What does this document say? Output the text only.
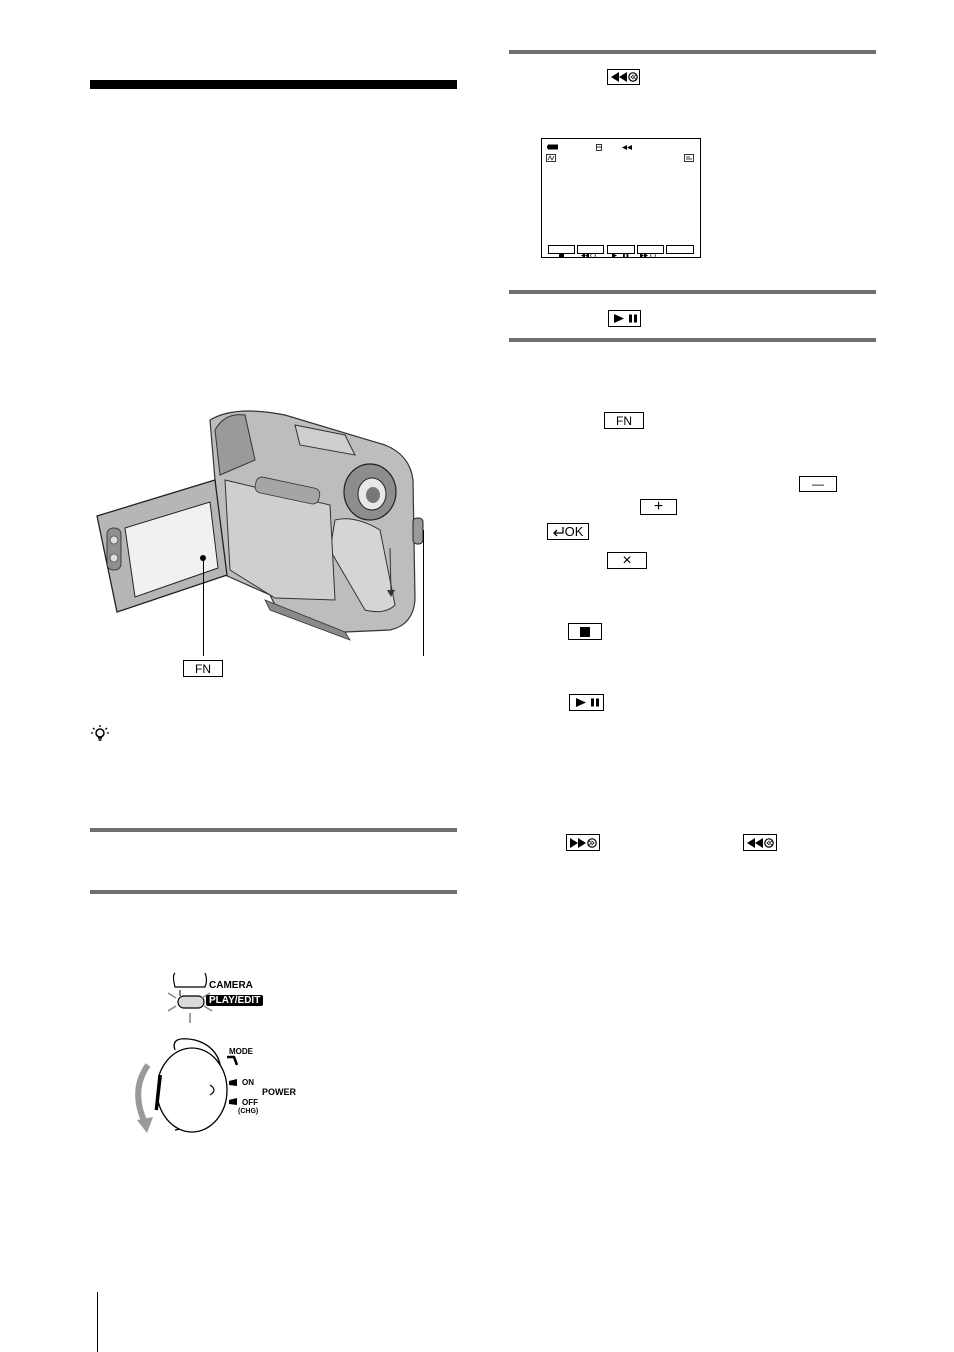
FN
CAMERA
PLAY/EDIT
MODE
ON
POWER
OFF
(CHG)
FN
—
+
OK
×
